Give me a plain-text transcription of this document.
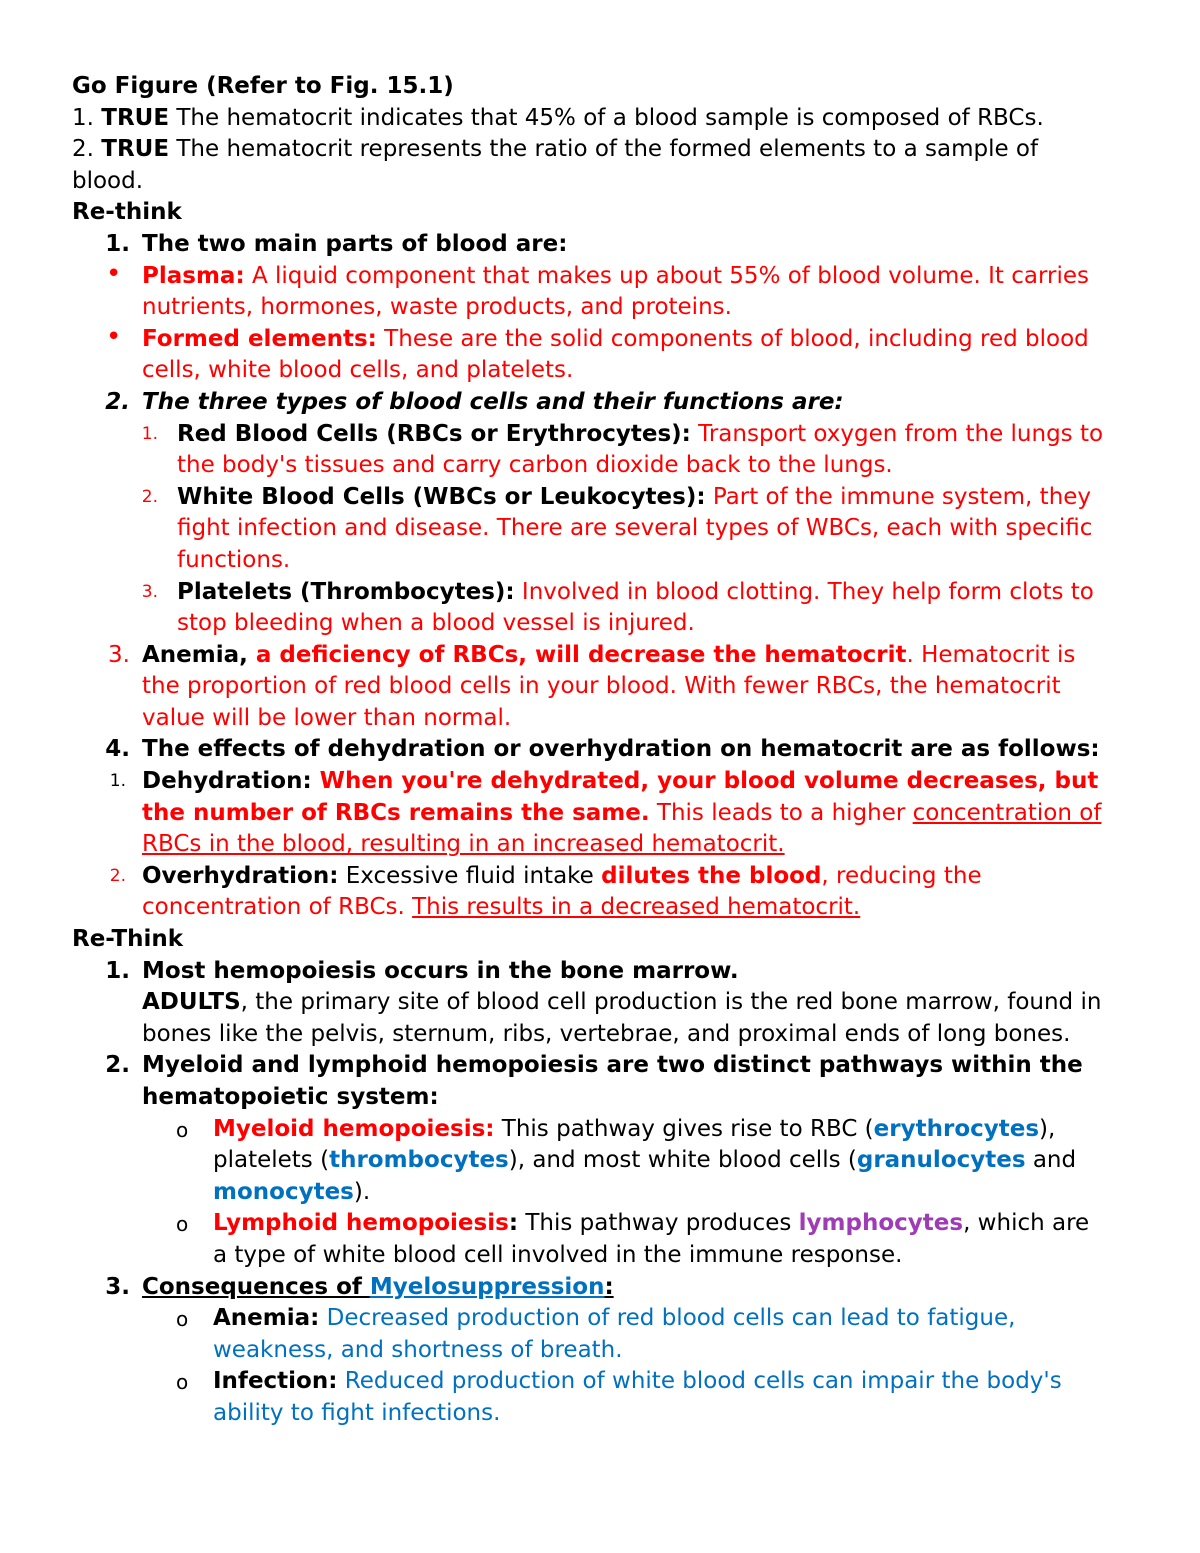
Go Figure (Refer to Fig. 15.1)
1. TRUE The hematocrit indicates that 45% of a blood sample is composed of RBCs.
2. TRUE The hematocrit represents the ratio of the formed elements to a sample of
blood.
Re-think
1. The two main parts of blood are:
• Plasma: A liquid component that makes up about 55% of blood volume. It carries
nutrients, hormones, waste products, and proteins.
• Formed elements: These are the solid components of blood, including red blood
cells, white blood cells, and platelets.
2. The three types of blood cells and their functions are:
1. Red Blood Cells (RBCs or Erythrocytes): Transport oxygen from the lungs to
the body's tissues and carry carbon dioxide back to the lungs.
2. White Blood Cells (WBCs or Leukocytes): Part of the immune system, they
fight infection and disease. There are several types of WBCs, each with specific
functions.
3. Platelets (Thrombocytes): Involved in blood clotting. They help form clots to
stop bleeding when a blood vessel is injured.
3. Anemia, a deficiency of RBCs, will decrease the hematocrit. Hematocrit is
the proportion of red blood cells in your blood. With fewer RBCs, the hematocrit
value will be lower than normal.
4. The effects of dehydration or overhydration on hematocrit are as follows:
1. Dehydration: When you're dehydrated, your blood volume decreases, but
the number of RBCs remains the same. This leads to a higher concentration of
RBCs in the blood, resulting in an increased hematocrit.
2. Overhydration: Excessive fluid intake dilutes the blood, reducing the
concentration of RBCs. This results in a decreased hematocrit.
Re-Think
1. Most hemopoiesis occurs in the bone marrow.
ADULTS, the primary site of blood cell production is the red bone marrow, found in
bones like the pelvis, sternum, ribs, vertebrae, and proximal ends of long bones.
2. Myeloid and lymphoid hemopoiesis are two distinct pathways within the
hematopoietic system:
o Myeloid hemopoiesis: This pathway gives rise to RBC (erythrocytes),
platelets (thrombocytes), and most white blood cells (granulocytes and
monocytes).
o Lymphoid hemopoiesis: This pathway produces lymphocytes, which are
a type of white blood cell involved in the immune response.
3. Consequences of Myelosuppression:
o Anemia: Decreased production of red blood cells can lead to fatigue,
weakness, and shortness of breath.
o Infection: Reduced production of white blood cells can impair the body's
ability to fight infections.
